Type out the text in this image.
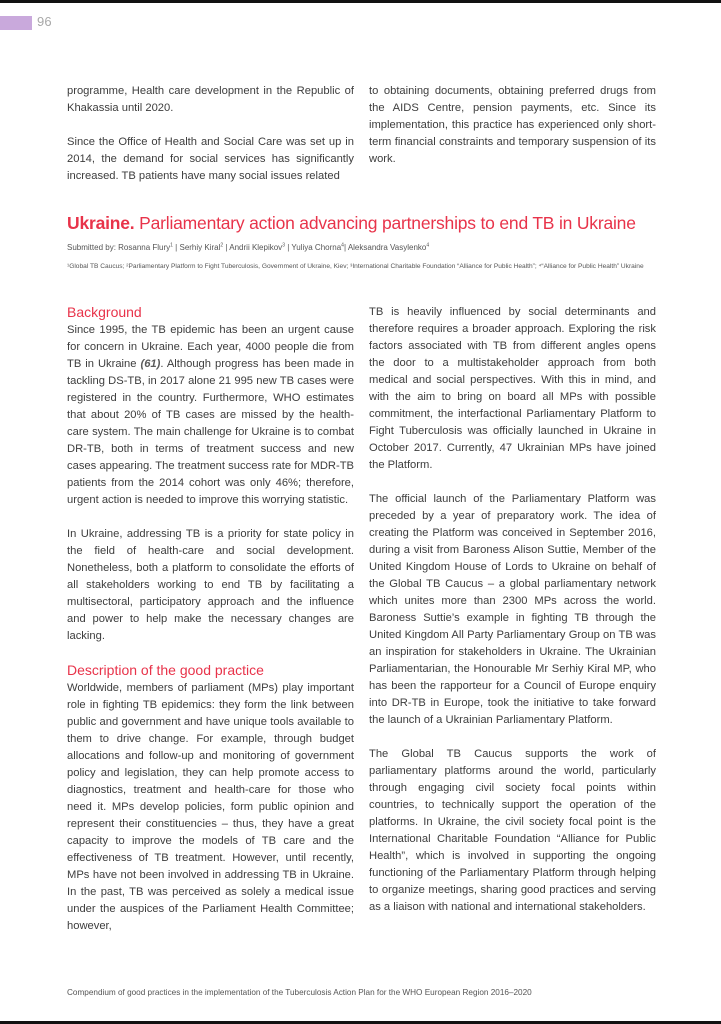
96

programme, Health care development in the Republic of Khakassia until 2020.

Since the Office of Health and Social Care was set up in 2014, the demand for social services has significantly increased. TB patients have many social issues related

to obtaining documents, obtaining preferred drugs from the AIDS Centre, pension payments, etc. Since its implementation, this practice has experienced only short-term financial constraints and temporary suspension of its work.

Ukraine. Parliamentary action advancing partnerships to end TB in Ukraine
Submitted by: Rosanna Flury$^1$ | Serhiy Kiral$^2$ | Andrii Klepikov$^3$ | Yuliya Chorna$^4$| Aleksandra Vasylenko$^4$
¹Global TB Caucus; ²Parliamentary Platform to Fight Tuberculosis, Government of Ukraine, Kiev; ³International Charitable Foundation “Alliance for Public Health”; ⁴“Alliance for Public Health” Ukraine
Background

Since 1995, the TB epidemic has been an urgent cause for concern in Ukraine. Each year, 4000 people die from TB in Ukraine (61). Although progress has been made in tackling DS-TB, in 2017 alone 21 995 new TB cases were registered in the country. Furthermore, WHO estimates that about 20% of TB cases are missed by the health-care system. The main challenge for Ukraine is to combat DR-TB, both in terms of treatment success and new cases appearing. The treatment success rate for MDR-TB patients from the 2014 cohort was only 46%; therefore, urgent action is needed to improve this worrying statistic.

In Ukraine, addressing TB is a priority for state policy in the field of health-care and social development. Nonetheless, both a platform to consolidate the efforts of all stakeholders working to end TB by facilitating a multisectoral, participatory approach and the influence and power to help make the necessary changes are lacking.

Description of the good practice

Worldwide, members of parliament (MPs) play important role in fighting TB epidemics: they form the link between public and government and have unique tools available to them to drive change. For example, through budget allocations and follow-up and monitoring of government policy and legislation, they can help promote access to diagnostics, treatment and health-care for those who need it. MPs develop policies, form public opinion and represent their constituencies – thus, they have a great capacity to improve the models of TB care and the effectiveness of TB treatment. However, until recently, MPs have not been involved in addressing TB in Ukraine. In the past, TB was perceived as solely a medical issue under the auspices of the Parliament Health Committee; however,

TB is heavily influenced by social determinants and therefore requires a broader approach. Exploring the risk factors associated with TB from different angles opens the door to a multistakeholder approach from both medical and social perspectives. With this in mind, and with the aim to bring on board all MPs with possible commitment, the interfactional Parliamentary Platform to Fight Tuberculosis was officially launched in Ukraine in October 2017. Currently, 47 Ukrainian MPs have joined the Platform.

The official launch of the Parliamentary Platform was preceded by a year of preparatory work. The idea of creating the Platform was conceived in September 2016, during a visit from Baroness Alison Suttie, Member of the United Kingdom House of Lords to Ukraine on behalf of the Global TB Caucus – a global parliamentary network which unites more than 2300 MPs across the world. Baroness Suttie’s example in fighting TB through the United Kingdom All Party Parliamentary Group on TB was an inspiration for stakeholders in Ukraine. The Ukrainian Parliamentarian, the Honourable Mr Serhiy Kiral MP, who has been the rapporteur for a Council of Europe enquiry into DR-TB in Europe, took the initiative to take forward the launch of a Ukrainian Parliamentary Platform.

The Global TB Caucus supports the work of parliamentary platforms around the world, particularly through engaging civil society focal points within countries, to technically support the operation of the platforms. In Ukraine, the civil society focal point is the International Charitable Foundation “Alliance for Public Health”, which is involved in supporting the ongoing functioning of the Parliamentary Platform through helping to organize meetings, sharing good practices and serving as a liaison with national and international stakeholders.

Compendium of good practices in the implementation of the Tuberculosis Action Plan for the WHO European Region 2016–2020
